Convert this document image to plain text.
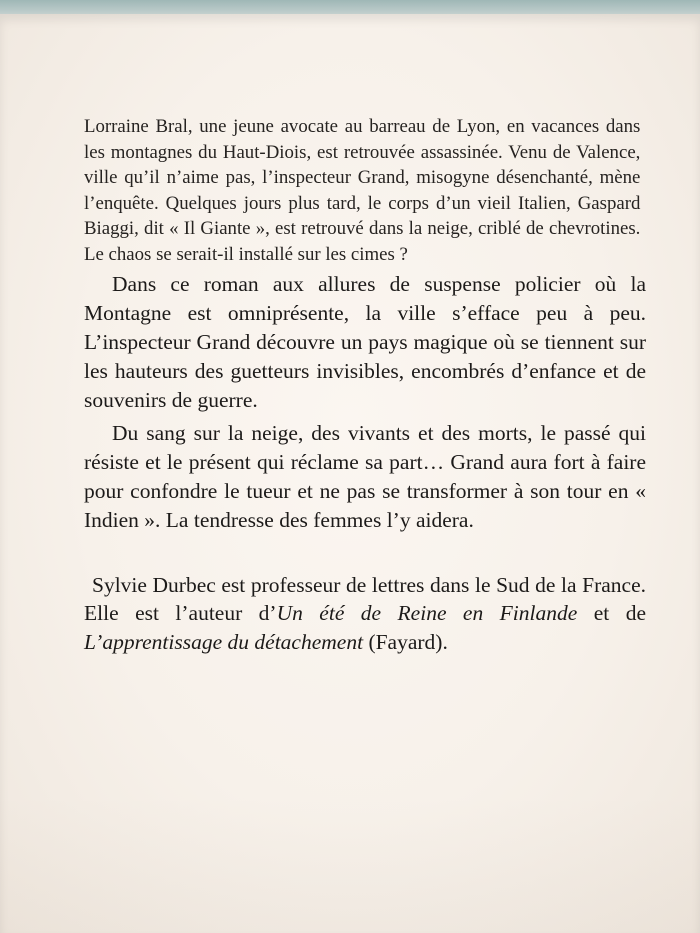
Lorraine Bral, une jeune avocate au barreau de Lyon, en vacances dans les montagnes du Haut-Diois, est retrouvée assassinée. Venu de Valence, ville qu’il n’aime pas, l’inspecteur Grand, misogyne désenchanté, mène l’enquête. Quelques jours plus tard, le corps d’un vieil Italien, Gaspard Biaggi, dit « Il Giante », est retrouvé dans la neige, criblé de chevrotines. Le chaos se serait-il installé sur les cimes ?

Dans ce roman aux allures de suspense policier où la Montagne est omniprésente, la ville s’efface peu à peu. L’inspecteur Grand découvre un pays magique où se tiennent sur les hauteurs des guetteurs invisibles, encombrés d’enfance et de souvenirs de guerre.

Du sang sur la neige, des vivants et des morts, le passé qui résiste et le présent qui réclame sa part… Grand aura fort à faire pour confondre le tueur et ne pas se transformer à son tour en « Indien ». La tendresse des femmes l’y aidera.

Sylvie Durbec est professeur de lettres dans le Sud de la France. Elle est l’auteur d’Un été de Reine en Finlande et de L’apprentissage du détachement (Fayard).
